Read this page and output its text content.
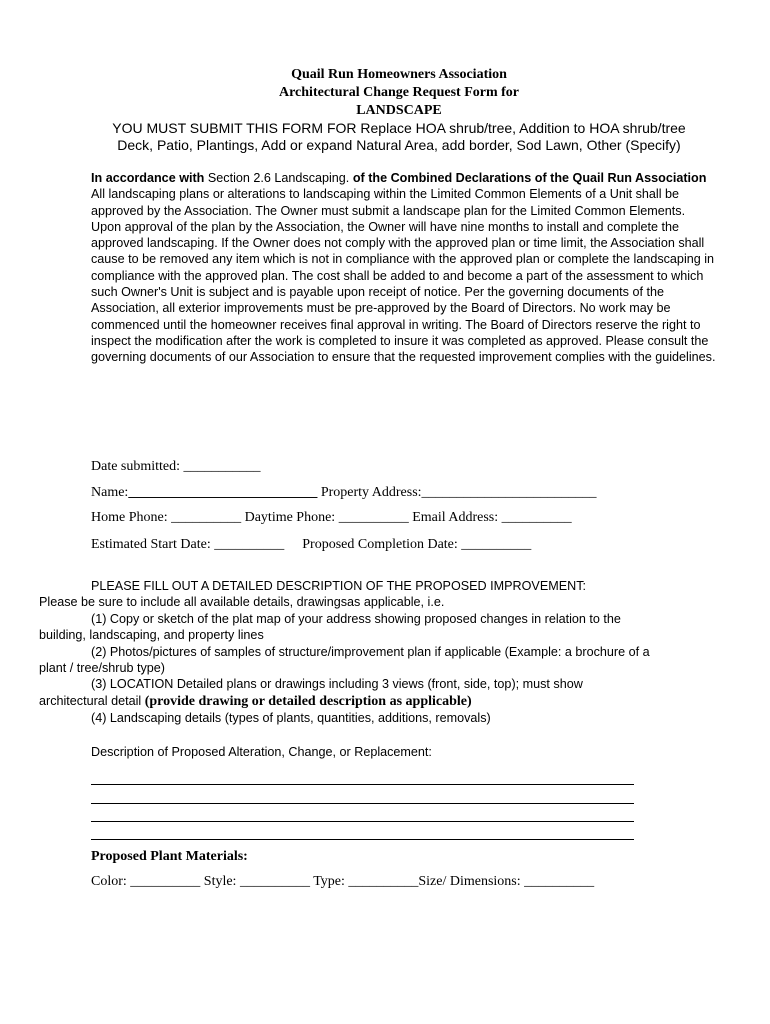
Quail Run Homeowners Association
Architectural Change Request Form for
LANDSCAPE
YOU MUST SUBMIT THIS FORM FOR Replace HOA shrub/tree, Addition to HOA shrub/tree
Deck, Patio, Plantings, Add or expand Natural Area, add border, Sod Lawn, Other (Specify)
In accordance with Section 2.6 Landscaping. of the Combined Declarations of the Quail Run Association All landscaping plans or alterations to landscaping within the Limited Common Elements of a Unit shall be approved by the Association. The Owner must submit a landscape plan for the Limited Common Elements. Upon approval of the plan by the Association, the Owner will have nine months to install and complete the approved landscaping. If the Owner does not comply with the approved plan or time limit, the Association shall cause to be removed any item which is not in compliance with the approved plan or complete the landscaping in compliance with the approved plan. The cost shall be added to and become a part of the assessment to which such Owner's Unit is subject and is payable upon receipt of notice. Per the governing documents of the Association, all exterior improvements must be pre-approved by the Board of Directors. No work may be commenced until the homeowner receives final approval in writing. The Board of Directors reserve the right to inspect the modification after the work is completed to insure it was completed as approved. Please consult the governing documents of our Association to ensure that the requested improvement complies with the guidelines.
Date submitted: ___________
Name:___________________________ Property Address:_________________________
Home Phone: __________ Daytime Phone: __________ Email Address: __________
Estimated Start Date: __________ Proposed Completion Date: __________
PLEASE FILL OUT A DETAILED DESCRIPTION OF THE PROPOSED IMPROVEMENT:
Please be sure to include all available details, drawingsas applicable, i.e.

(1) Copy or sketch of the plat map of your address showing proposed changes in relation to the
building, landscaping, and property lines

(2) Photos/pictures of samples of structure/improvement plan if applicable (Example: a brochure of a
plant / tree/shrub type)

(3) LOCATION Detailed plans or drawings including 3 views (front, side, top); must show
architectural detail (provide drawing or detailed description as applicable)
(4) Landscaping details (types of plants, quantities, additions, removals)
Description of Proposed Alteration, Change, or Replacement:
Proposed Plant Materials:
Color: __________ Style: __________ Type: __________Size/ Dimensions: __________
